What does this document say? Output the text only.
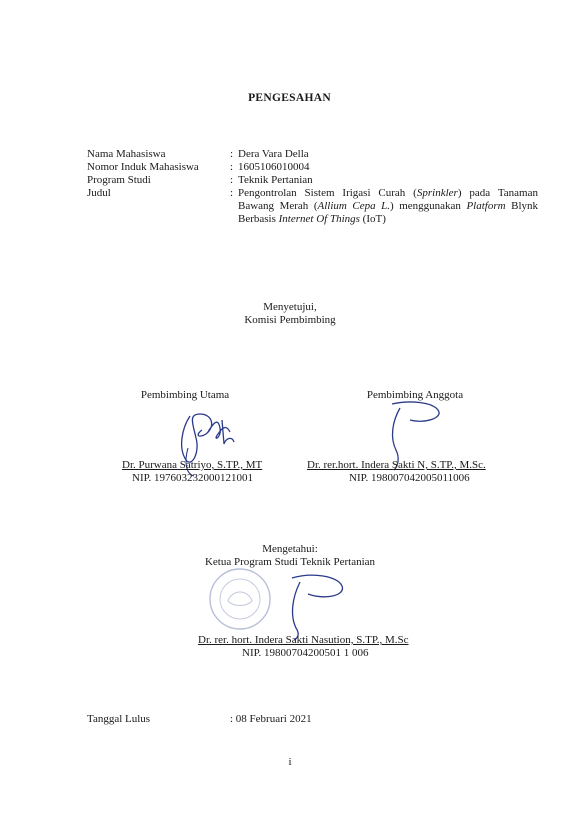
PENGESAHAN
Nama Mahasiswa	: Dera Vara Della
Nomor Induk Mahasiswa	: 1605106010004
Program Studi	: Teknik Pertanian
Judul	: Pengontrolan Sistem Irigasi Curah (Sprinkler) pada Tanaman Bawang Merah (Allium Cepa L.) menggunakan Platform Blynk Berbasis Internet Of Things (IoT)
Menyetujui,
Komisi Pembimbing
Pembimbing Utama
Dr. Purwana Satriyo, S.TP., MT
NIP. 197603232000121001
Pembimbing Anggota
Dr. rer.hort. Indera Sakti N, S.TP., M.Sc.
NIP. 198007042005011006
Mengetahui:
Ketua Program Studi Teknik Pertanian
Dr. rer. hort. Indera Sakti Nasution, S.TP., M.Sc
NIP. 19800704200501 1 006
Tanggal Lulus	: 08 Februari 2021
i
